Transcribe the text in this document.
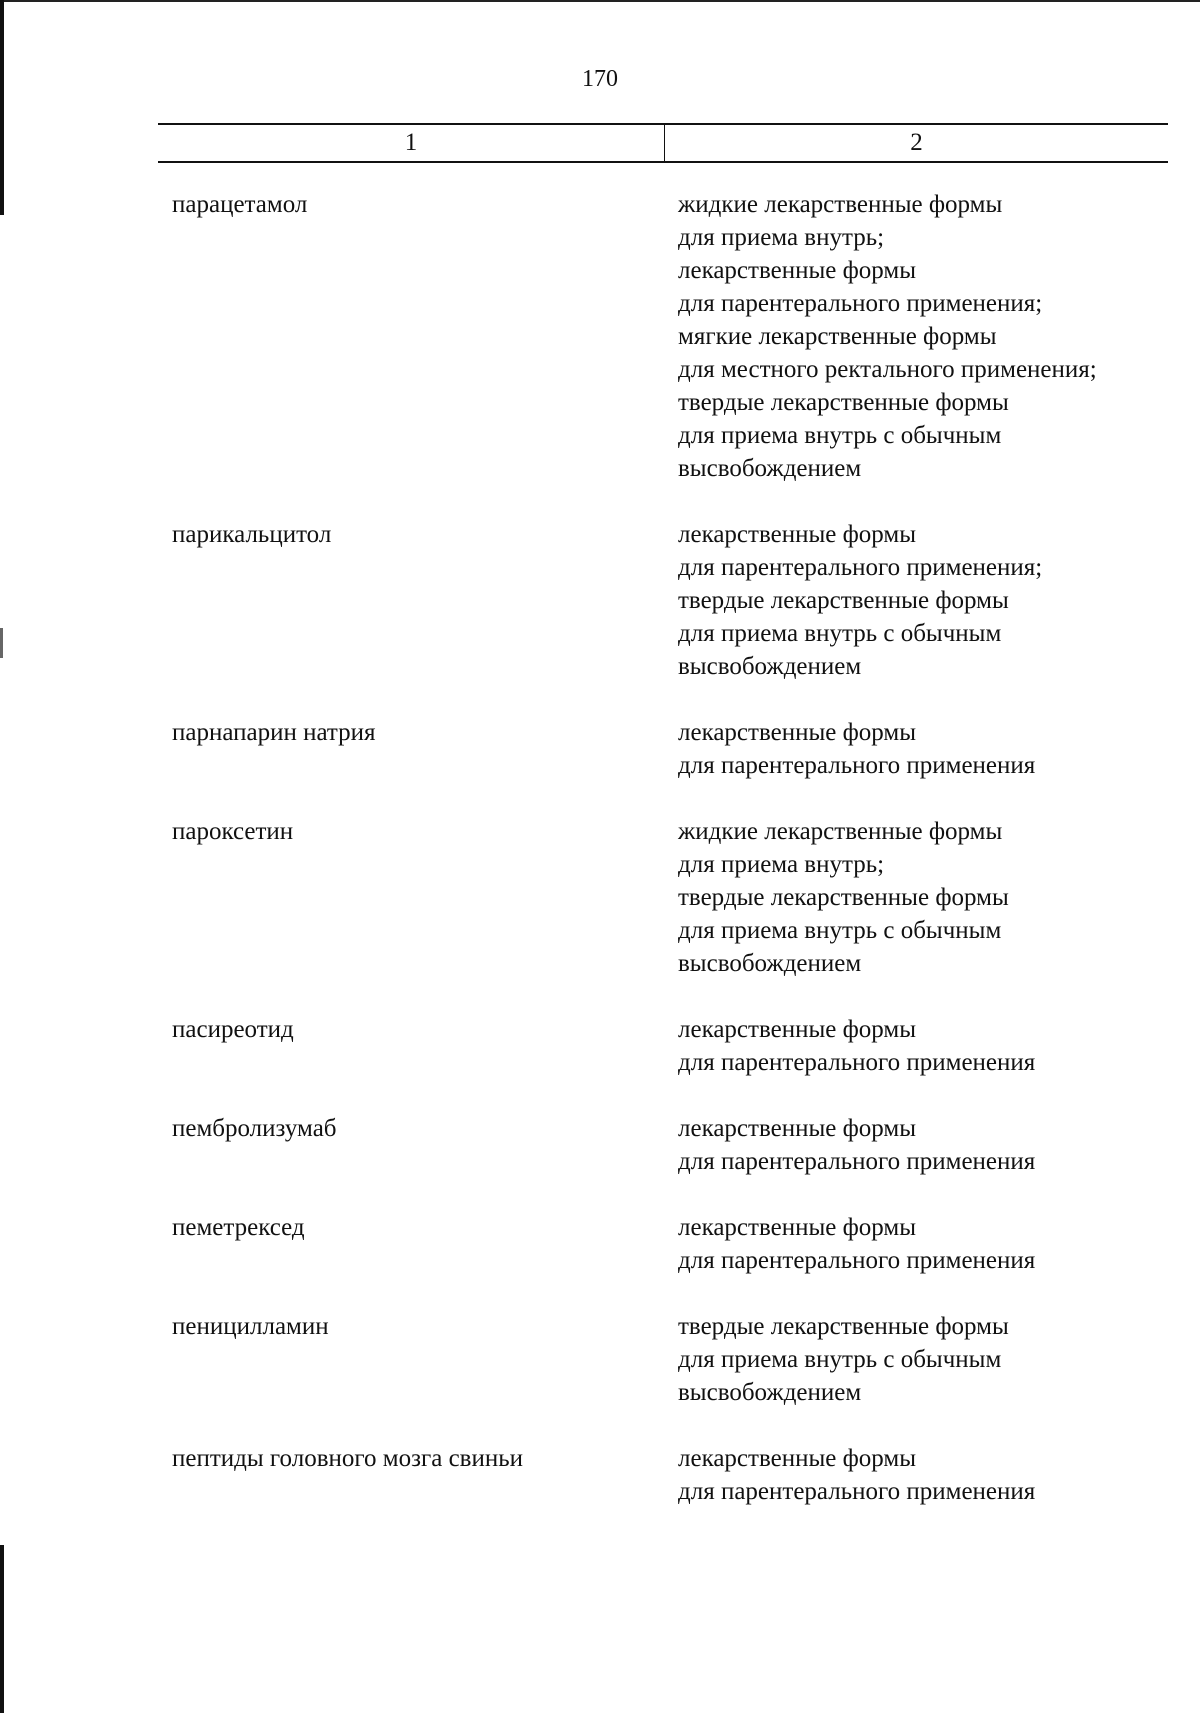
170
1	2
парацетамол	жидкие лекарственные формы
для приема внутрь;
лекарственные формы
для парентерального применения;
мягкие лекарственные формы
для местного ректального применения;
твердые лекарственные формы
для приема внутрь с обычным
высвобождением
парикальцитол	лекарственные формы
для парентерального применения;
твердые лекарственные формы
для приема внутрь с обычным
высвобождением
парнапарин натрия	лекарственные формы
для парентерального применения
пароксетин	жидкие лекарственные формы
для приема внутрь;
твердые лекарственные формы
для приема внутрь с обычным
высвобождением
пасиреотид	лекарственные формы
для парентерального применения
пембролизумаб	лекарственные формы
для парентерального применения
пеметрексед	лекарственные формы
для парентерального применения
пеницилламин	твердые лекарственные формы
для приема внутрь с обычным
высвобождением
пептиды головного мозга свиньи	лекарственные формы
для парентерального применения
